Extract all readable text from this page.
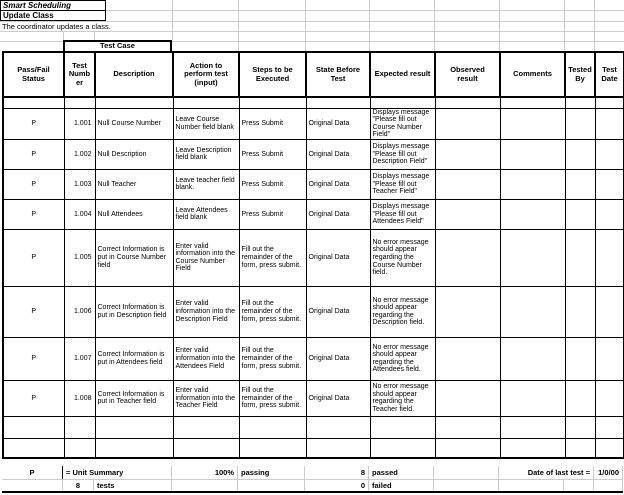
Smart Scheduling
Update Class
The coordinator updates a class.
Test Case
Pass/Fail Status	Test Number	Description	Action to perform test (input)	Steps to be Executed	State Before Test	Expected result	Observed result	Comments	Tested By	Test Date

P	1.001	Null Course Number	Leave Course Number field blank	Press Submit	Original Data	Displays message "Please fill out Course Number Field"				
P	1.002	Null Description	Leave Description field blank	Press Submit	Original Data	Displays message "Please fill out Description Field"				
P	1.003	Null Teacher	Leave teacher field blank.	Press Submit	Original Data	Displays message "Please fill out Teacher Field"				
P	1.004	Null Attendees	Leave Attendees field blank	Press Submit	Original Data	Displays message "Please fill out Attendees Field"				
P	1.005	Correct Information is put in Course Number field	Enter valid information into the Course Number Field	Fill out the remainder of the form, press submit.	Original Data	No error message should appear regarding the Course Number field.				
P	1.006	Correct Information is put in Description field	Enter valid information into the Description Field	Fill out the remainder of the form, press submit.	Original Data	No error message should appear regarding the Description field.				
P	1.007	Correct Information is put in Attendees field	Enter valid information into the Attendees Field	Fill out the remainder of the form, press submit.	Original Data	No error message should appear regarding the Attendees field.				
P	1.008	Correct Information is put in Teacher field	Enter valid information into the Teacher Field	Fill out the remainder of the form, press submit.	Original Data	No error message should appear regarding the Teacher field.				

P	= Unit Summary	100% passing	8 passed	Date of last test =	1/0/00
8	tests	0 failed
